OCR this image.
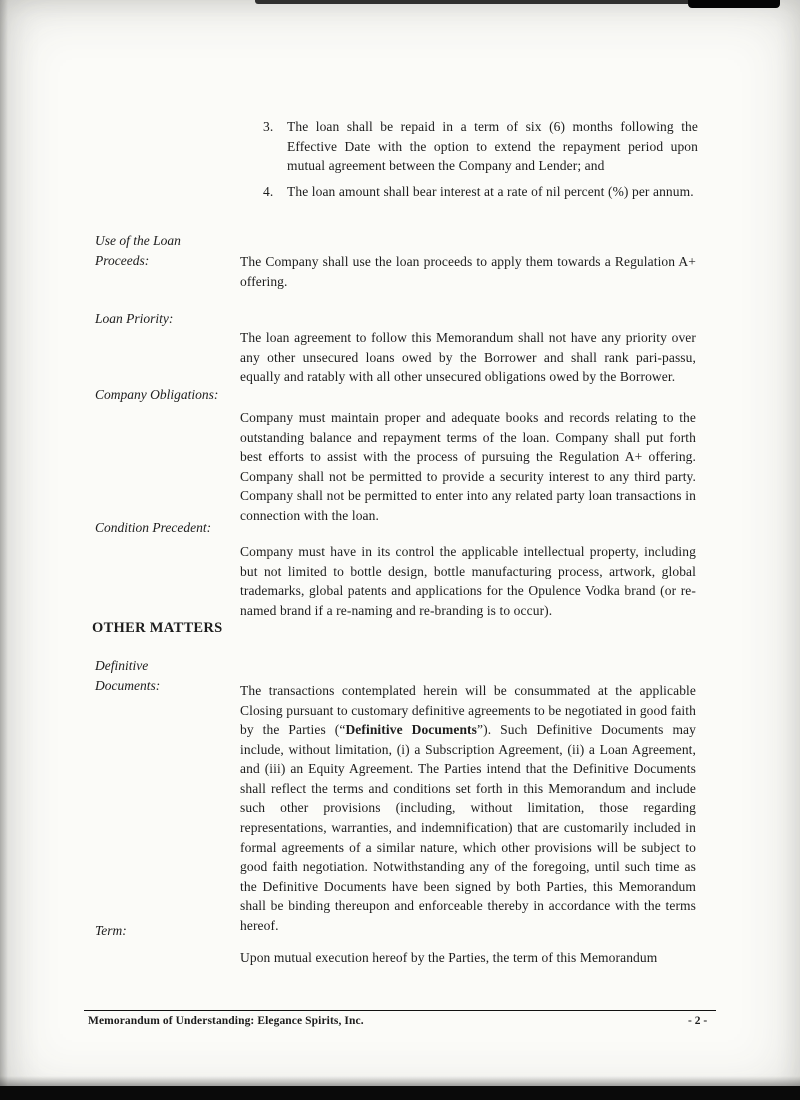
3.	The loan shall be repaid in a term of six (6) months following the Effective Date with the option to extend the repayment period upon mutual agreement between the Company and Lender; and
4.	The loan amount shall bear interest at a rate of nil percent (%) per annum.
Use of the Loan Proceeds:	The Company shall use the loan proceeds to apply them towards a Regulation A+ offering.
Loan Priority:
The loan agreement to follow this Memorandum shall not have any priority over any other unsecured loans owed by the Borrower and shall rank pari-passu, equally and ratably with all other unsecured obligations owed by the Borrower.
Company Obligations:
Company must maintain proper and adequate books and records relating to the outstanding balance and repayment terms of the loan. Company shall put forth best efforts to assist with the process of pursuing the Regulation A+ offering. Company shall not be permitted to provide a security interest to any third party. Company shall not be permitted to enter into any related party loan transactions in connection with the loan.
Condition Precedent:
Company must have in its control the applicable intellectual property, including but not limited to bottle design, bottle manufacturing process, artwork, global trademarks, global patents and applications for the Opulence Vodka brand (or re-named brand if a re-naming and re-branding is to occur).
OTHER MATTERS
Definitive Documents:	The transactions contemplated herein will be consummated at the applicable Closing pursuant to customary definitive agreements to be negotiated in good faith by the Parties (“Definitive Documents”). Such Definitive Documents may include, without limitation, (i) a Subscription Agreement, (ii) a Loan Agreement, and (iii) an Equity Agreement. The Parties intend that the Definitive Documents shall reflect the terms and conditions set forth in this Memorandum and include such other provisions (including, without limitation, those regarding representations, warranties, and indemnification) that are customarily included in formal agreements of a similar nature, which other provisions will be subject to good faith negotiation. Notwithstanding any of the foregoing, until such time as the Definitive Documents have been signed by both Parties, this Memorandum shall be binding thereupon and enforceable thereby in accordance with the terms hereof.
Term:
Upon mutual execution hereof by the Parties, the term of this Memorandum
Memorandum of Understanding: Elegance Spirits, Inc.	- 2 -
